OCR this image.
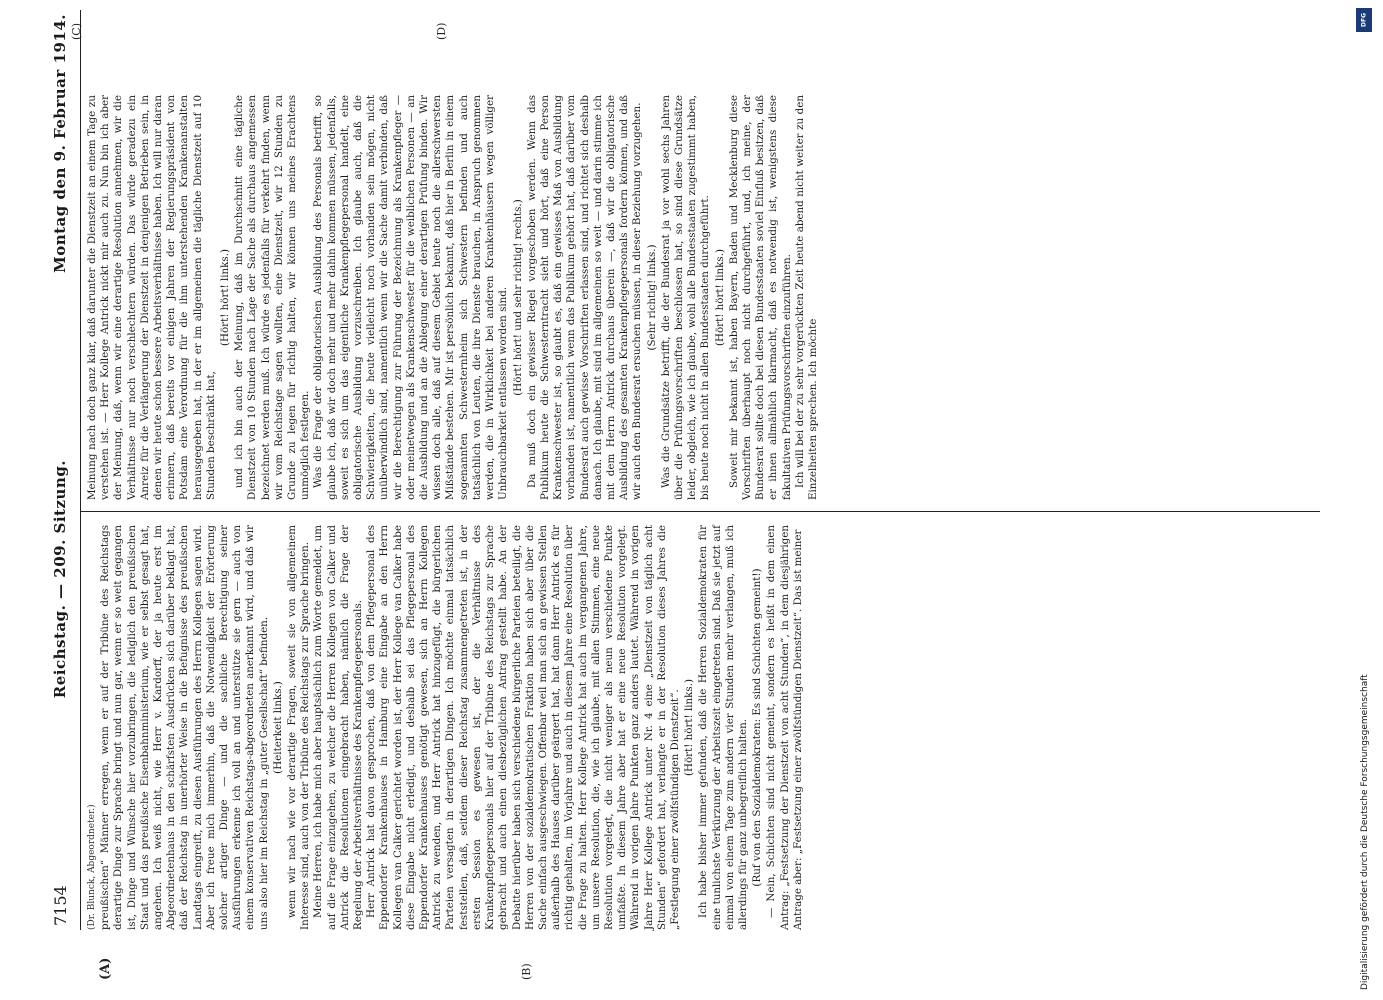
7154
Reichstag. — 209. Sitzung.
Montag den 9. Februar 1914.
(A)	(B)

(Dr. Blunck, Abgeordneter.) preußischen“ Männer erregen, wenn er auf der Tribüne des Reichstags derartige Dinge zur Sprache bringt und nun gar, wenn er so weit gegangen ist, Dinge und Wünsche hier vorzubringen, die lediglich den preußischen Staat und das preußische Eisenbahnministerium, wie er selbst gesagt hat, angehen. Ich weiß nicht, wie Herr v. Kardorff, der ja heute erst im Abgeordnetenhaus in den schärfsten Ausdrücken sich darüber beklagt hat, daß der Reichstag in unerhörter Weise in die Befugnisse des preußischen Landtags eingreift, zu diesen Ausführungen des Herrn Kollegen sagen wird. Aber ich freue mich immerhin, daß die Notwendigkeit der Erörterung solcher artiger Dinge — und die sachliche Berechtigung seiner Ausführungen erkenne ich voll an und unterstütze sie gern — auch von einem konservativen Reichstags-abgeordneten anerkannt wird, und daß wir uns also hier im Reichstag in „guter Gesellschaft“ befinden. (Heiterkeit links.) wenn wir nach wie vor derartige Fragen, soweit sie von allgemeinem Interesse sind, auch von der Tribüne des Reichstags zur Sprache bringen. Meine Herren, ich habe mich aber hauptsächlich zum Worte gemeldet, um auf die Frage einzugehen, zu welcher die Herren Kollegen von Calker und Antrick die Resolutionen eingebracht haben, nämlich die Frage der Regelung der Arbeitsverhältnisse des Krankenpflegepersonals. Herr Antrick hat davon gesprochen, daß von dem Pflegepersonal des Eppendorfer Krankenhauses in Hamburg eine Eingabe an den Herrn Kollegen van Calker gerichtet worden ist, der Herr Kollege van Calker habe diese Eingabe nicht erledigt, und deshalb sei das Pflegepersonal des Eppendorfer Krankenhauses genötigt gewesen, sich an Herrn Kollegen Antrick zu wenden, und Herr Antrick hat hinzugefügt, die bürgerlichen Parteien versagten in derartigen Dingen. Ich möchte einmal tatsächlich feststellen, daß, seitdem dieser Reichstag zusammengetreten ist, in der ersten Session es gewesen ist, der die Verhältnisse des Krankenpflegepersonals hier auf der Tribüne des Reichstags zur Sprache gebracht und auch einen diesbezüglichen Antrag gestellt habe. An der Debatte hierüber haben sich verschiedene bürgerliche Parteien beteiligt, die Herren von der sozialdemokratischen Fraktion haben sich aber über die Sache einfach ausgeschwiegen. Offenbar weil man sich an gewissen Stellen außerhalb des Hauses darüber geärgert hat, hat dann Herr Antrick es für richtig gehalten, im Vorjahre und auch in diesem Jahre eine Resolution über die Frage zu halten. Herr Kollege Antrick hat auch im vergangenen Jahre, um unsere Resolution, die, wie ich glaube, mit allen Stimmen, eine neue Resolution vorgelegt, die nicht weniger als neun verschiedene Punkte umfaßte. In diesem Jahre aber hat er eine neue Resolution vorgelegt. Während in vorigen Jahre Punkten ganz anders lautet. Während in vorigen Jahre Herr Kollege Antrick unter Nr. 4 eine „Dienstzeit von täglich acht Stunden“ gefordert hat, verlangte er in der Resolution dieses Jahres die „Festlegung einer zwölfstündigen Dienstzeit“. (Hört! hört! links.) Ich habe bisher immer gefunden, daß die Herren Sozialdemokraten für eine tunlichste Verkürzung der Arbeitszeit eingetreten sind. Daß sie jetzt auf einmal von einem Tage zum andern vier Stunden mehr verlangen, muß ich allerdings für ganz unbegreiflich halten. (Ruf von den Sozialdemokraten: Es sind Schichten gemeint!) — Nein, Schichten sind nicht gemeint, sondern es heißt in dem einen Antrag: „Festsetzung der Dienstzeit von acht Stunden“, in dem diesjährigen Antrage aber: „Festsetzung einer zwölfstündigen Dienstzeit“. Das ist meiner

Meinung nach doch ganz klar, daß darunter die Dienstzeit an einem Tage zu verstehen ist. — Herr Kollege Antrick nickt mir auch zu. Nun bin ich aber der Meinung, daß, wenn wir eine derartige Resolution annehmen, wir die Verhältnisse nur noch verschlechtern würden. Das würde geradezu ein Anreiz für die Verlängerung der Dienstzeit in denjenigen Betrieben sein, in denen wir heute schon bessere Arbeitsverhältnisse haben. Ich will nur daran erinnern, daß bereits vor einigen Jahren der Regierungspräsident von Potsdam eine Verordnung für die ihm unterstehenden Krankenanstalten herausgegeben hat, in der er im allgemeinen die tägliche Dienstzeit auf 10 Stunden beschränkt hat,

(Hört! hört! links.) und ich bin auch der Meinung, daß im Durchschnitt eine tägliche Dienstzeit von 10 Stunden nach Lage der Sache als durchaus angemessen bezeichnet werden muß. Ich würde es jedenfalls für verkehrt finden, wenn wir vom Reichstage sagen wollten, eine Dienstzeit, wir 12 Stunden zu Grunde zu legen für richtig halten, wir können uns meines Erachtens unmöglich festlegen. Was die Frage der obligatorischen Ausbildung des Personals betrifft, so glaube ich, daß wir doch mehr und mehr dahin kommen müssen, jedenfalls, soweit es sich um das eigentliche Krankenpflegepersonal handelt, eine obligatorische Ausbildung vorzuschreiben. Ich glaube auch, daß die Schwierigkeiten, die heute vielleicht noch vorhanden sein mögen, nicht unüberwindlich sind, namentlich wenn wir die Sache damit verbinden, daß wir die Berechtigung zur Führung der Bezeichnung als Krankenpfleger — oder meinetwegen als Krankenschwester für die weiblichen Personen — an die Ausbildung und an die Ablegung einer derartigen Prüfung binden. Wir wissen doch alle, daß auf diesem Gebiet heute noch die allerschwersten Mißstände bestehen. Mir ist persönlich bekannt, daß hier in Berlin in einem sogenannten Schwesternheim sich Schwestern befinden und auch tatsächlich von Leuten, die ihre Dienste brauchen, in Anspruch genommen werden, die in Wirklichkeit bei anderen Krankenhäusern wegen völliger Unbrauchbarkeit entlassen worden sind. (Hört! hört! und sehr richtig! rechts.) Da muß doch ein gewisser Riegel vorgeschoben werden. Wenn das Publikum heute die Schwesterntracht sieht und hört, daß eine Person Krankenschwester ist, so glaubt es, daß ein gewisses Maß von Ausbildung vorhanden ist, namentlich wenn das Publikum gehört hat, daß darüber vom Bundesrat auch gewisse Vorschriften erlassen sind, und richtet sich deshalb danach. Ich glaube, mit sind im allgemeinen so weit — und darin stimme ich mit dem Herrn Antrick durchaus überein —, daß wir die obligatorische Ausbildung des gesamten Krankenpflegepersonals fordern können, und daß wir auch den Bundesrat ersuchen müssen, in dieser Beziehung vorzugehen. (Sehr richtig! links.) Was die Grundsätze betrifft, die der Bundesrat ja vor wohl sechs Jahren über die Prüfungsvorschriften beschlossen hat, so sind diese Grundsätze leider, obgleich, wie ich glaube, wohl alle Bundesstaaten zugestimmt haben, bis heute noch nicht in allen Bundesstaaten durchgeführt. (Hört! hört! links.) Soweit mir bekannt ist, haben Bayern, Baden und Mecklenburg diese Vorschriften überhaupt noch nicht durchgeführt, und, ich meine, der Bundesrat sollte doch bei diesen Bundesstaaten soviel Einfluß besitzen, daß er ihnen allmählich klarmacht, daß es notwendig ist, wenigstens diese fakultativen Prüfungsvorschriften einzuführen. Ich will bei der zu sehr vorgerückten Zeit heute abend nicht weiter zu den Einzelheiten sprechen. Ich möchte

(C)	(D)
DFG
Digitalisierung gefördert durch die Deutsche Forschungsgemeinschaft
